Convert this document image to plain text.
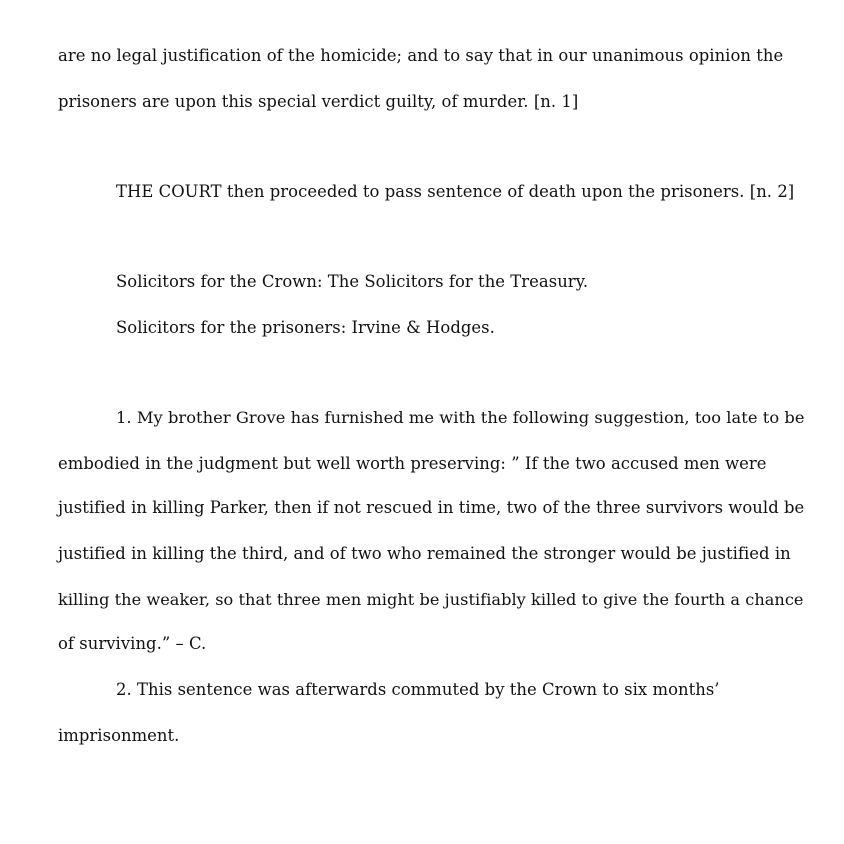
are no legal justification of the homicide; and to say that in our unanimous opinion the
prisoners are upon this special verdict guilty, of murder. [n. 1]
THE COURT then proceeded to pass sentence of death upon the prisoners. [n. 2]
Solicitors for the Crown: The Solicitors for the Treasury.
Solicitors for the prisoners: Irvine & Hodges.
1. My brother Grove has furnished me with the following suggestion, too late to be
embodied in the judgment but well worth preserving: ” If the two accused men were
justified in killing Parker, then if not rescued in time, two of the three survivors would be
justified in killing the third, and of two who remained the stronger would be justified in
killing the weaker, so that three men might be justifiably killed to give the fourth a chance
of surviving.” – C.
2. This sentence was afterwards commuted by the Crown to six months’
imprisonment.
